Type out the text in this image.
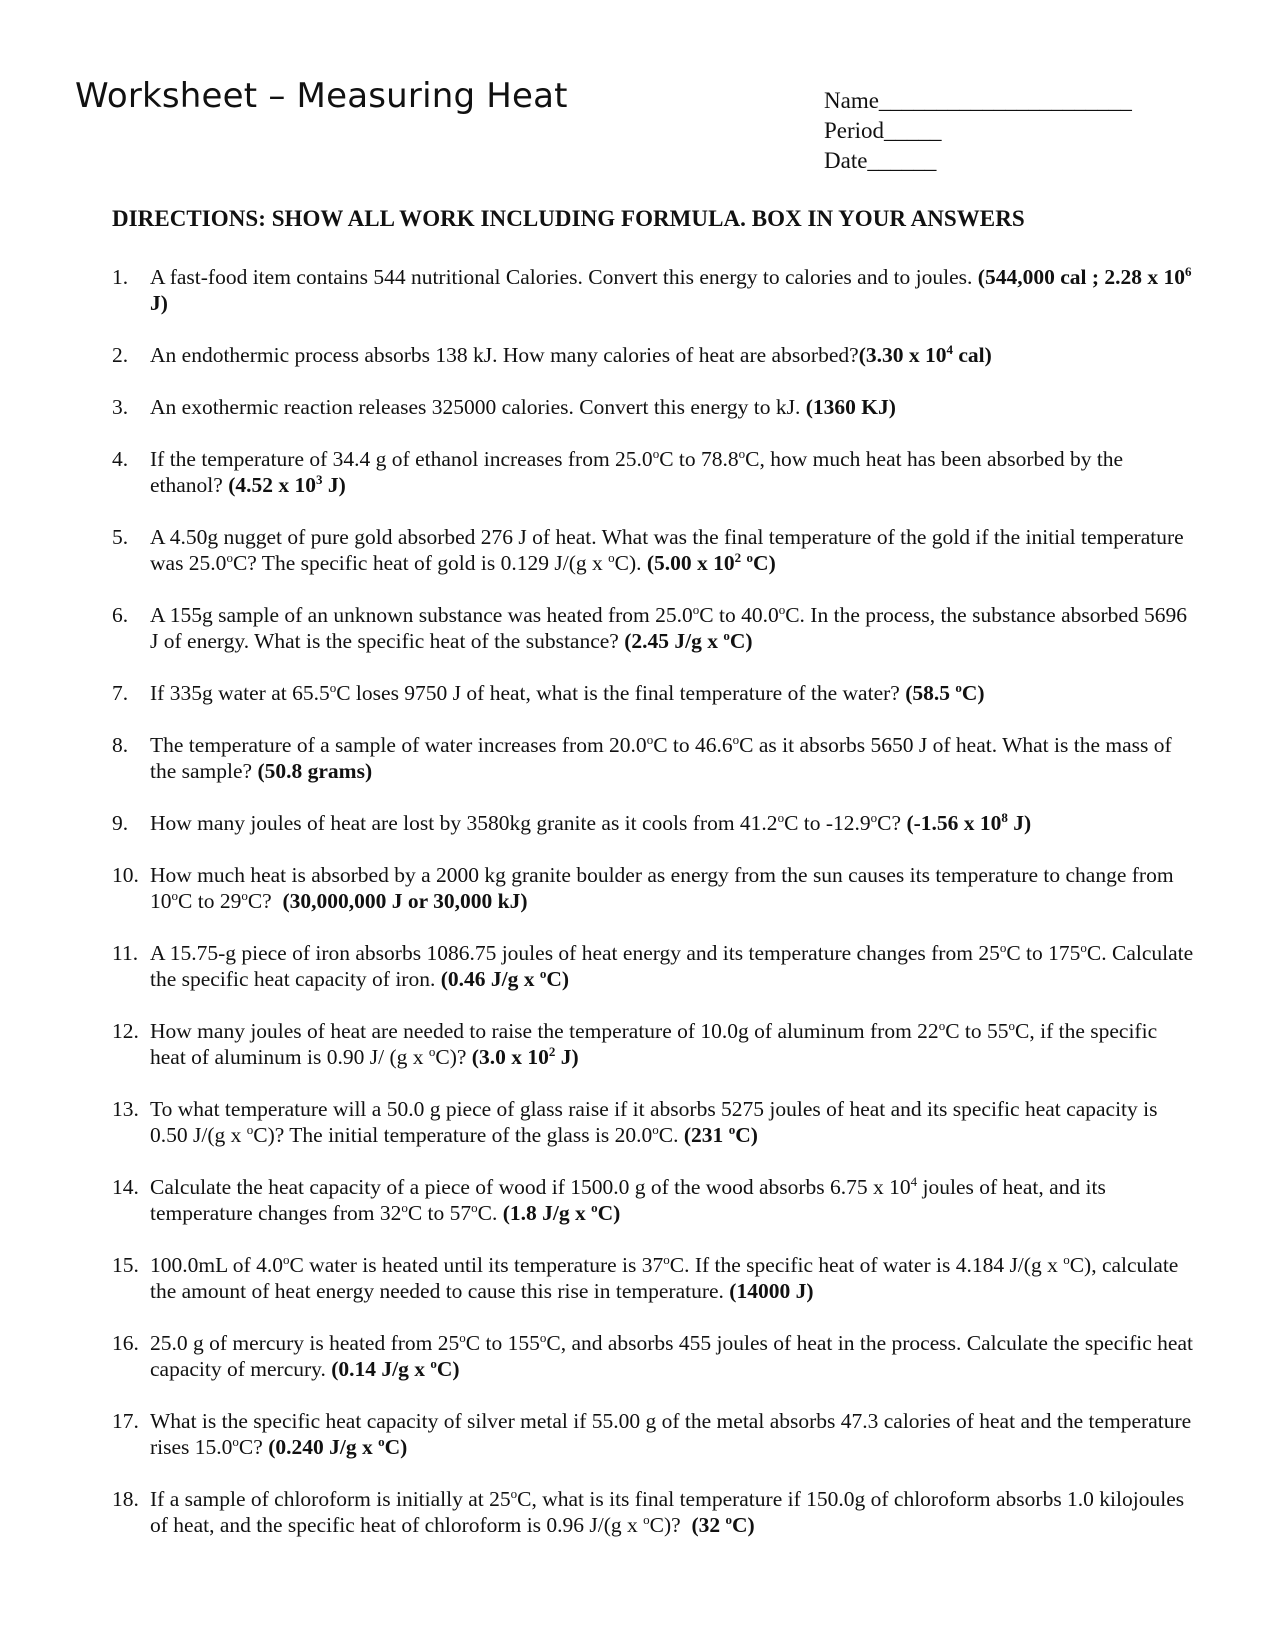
Worksheet – Measuring Heat	Name______________________
Period_____
Date______
DIRECTIONS: SHOW ALL WORK INCLUDING FORMULA. BOX IN YOUR ANSWERS
1.	A fast-food item contains 544 nutritional Calories. Convert this energy to calories and to joules. (544,000 cal ; 2.28 x $10^6$ J)
2.	An endothermic process absorbs 138 kJ. How many calories of heat are absorbed?(3.30 x $10^4$ cal)
3.	An exothermic reaction releases 325000 calories. Convert this energy to kJ. (1360 KJ)
4.	If the temperature of 34.4 g of ethanol increases from 25.0$^o$C to 78.8$^o$C, how much heat has been absorbed by the ethanol? (4.52 x $10^3$ J)
5.	A 4.50g nugget of pure gold absorbed 276 J of heat. What was the final temperature of the gold if the initial temperature was 25.0$^o$C? The specific heat of gold is 0.129 J/(g x $^o$C). (5.00 x $10^2$ $^o$C)
6.	A 155g sample of an unknown substance was heated from 25.0$^o$C to 40.0$^o$C. In the process, the substance absorbed 5696 J of energy. What is the specific heat of the substance? (2.45 J/g x $^o$C)
7.	If 335g water at 65.5$^o$C loses 9750 J of heat, what is the final temperature of the water? (58.5 $^o$C)
8.	The temperature of a sample of water increases from 20.0$^o$C to 46.6$^o$C as it absorbs 5650 J of heat. What is the mass of the sample? (50.8 grams)
9.	How many joules of heat are lost by 3580kg granite as it cools from 41.2$^o$C to -12.9$^o$C? (-1.56 x $10^8$ J)
10. How much heat is absorbed by a 2000 kg granite boulder as energy from the sun causes its temperature to change from 10$^o$C to 29$^o$C?  (30,000,000 J or 30,000 kJ)
11. A 15.75-g piece of iron absorbs 1086.75 joules of heat energy and its temperature changes from 25$^o$C to 175$^o$C. Calculate the specific heat capacity of iron. (0.46 J/g x $^o$C)
12. How many joules of heat are needed to raise the temperature of 10.0g of aluminum from 22$^o$C to 55$^o$C, if the specific heat of aluminum is 0.90 J/ (g x $^o$C)? (3.0 x $10^2$ J)
13. To what temperature will a 50.0 g piece of glass raise if it absorbs 5275 joules of heat and its specific heat capacity is 0.50 J/(g x $^o$C)? The initial temperature of the glass is 20.0$^o$C. (231 $^o$C)
14. Calculate the heat capacity of a piece of wood if 1500.0 g of the wood absorbs 6.75 x $10^4$ joules of heat, and its temperature changes from 32$^o$C to 57$^o$C. (1.8 J/g x $^o$C)
15. 100.0mL of 4.0$^o$C water is heated until its temperature is 37$^o$C. If the specific heat of water is 4.184 J/(g x $^o$C), calculate the amount of heat energy needed to cause this rise in temperature. (14000 J)
16. 25.0 g of mercury is heated from 25$^o$C to 155$^o$C, and absorbs 455 joules of heat in the process. Calculate the specific heat capacity of mercury. (0.14 J/g x $^o$C)
17. What is the specific heat capacity of silver metal if 55.00 g of the metal absorbs 47.3 calories of heat and the temperature rises 15.0$^o$C? (0.240 J/g x $^o$C)
18. If a sample of chloroform is initially at 25$^o$C, what is its final temperature if 150.0g of chloroform absorbs 1.0 kilojoules of heat, and the specific heat of chloroform is 0.96 J/(g x $^o$C)?  (32 $^o$C)
